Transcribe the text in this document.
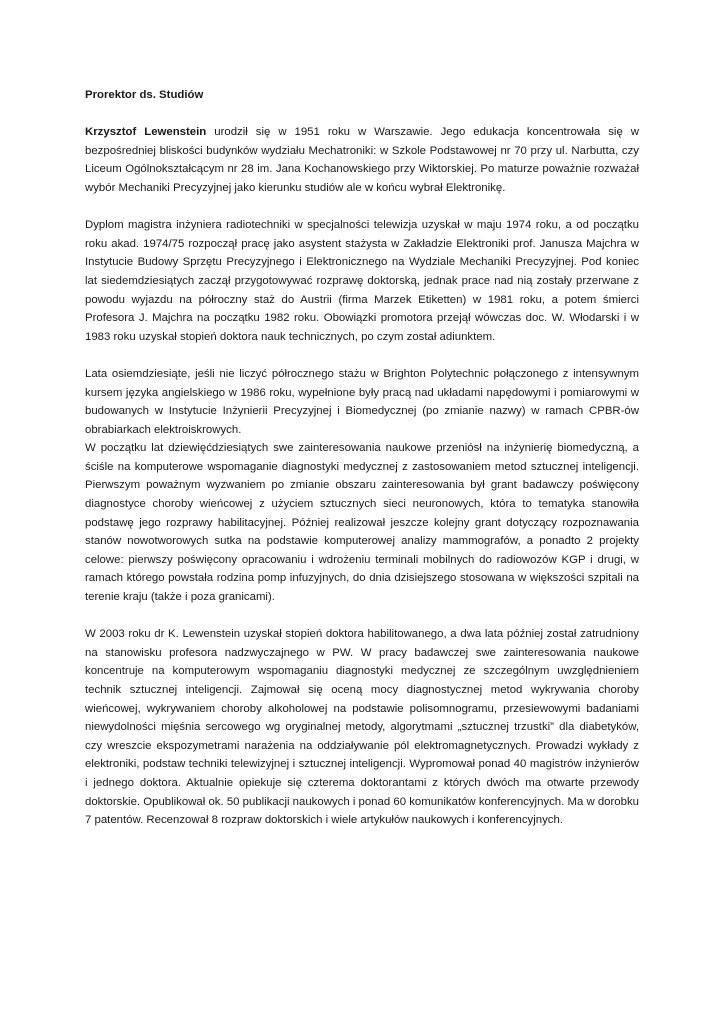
Prorektor ds. Studiów

Krzysztof Lewenstein urodził się w 1951 roku w Warszawie. Jego edukacja koncentrowała się w bezpośredniej bliskości budynków wydziału Mechatroniki: w Szkole Podstawowej nr 70 przy ul. Narbutta, czy Liceum Ogólnokształcącym nr 28 im. Jana Kochanowskiego przy Wiktorskiej. Po maturze poważnie rozważał wybór Mechaniki Precyzyjnej jako kierunku studiów ale w końcu wybrał Elektronikę.

Dyplom magistra inżyniera radiotechniki w specjalności telewizja uzyskał w maju 1974 roku, a od początku roku akad. 1974/75 rozpoczął pracę jako asystent stażysta w Zakładzie Elektroniki prof. Janusza Majchra w Instytucie Budowy Sprzętu Precyzyjnego i Elektronicznego na Wydziale Mechaniki Precyzyjnej. Pod koniec lat siedemdziesiątych zaczął przygotowywać rozprawę doktorską, jednak prace nad nią zostały przerwane z powodu wyjazdu na półroczny staż do Austrii (firma Marzek Etiketten) w 1981 roku, a potem śmierci Profesora J. Majchra na początku 1982 roku. Obowiązki promotora przejął wówczas doc. W. Włodarski i w 1983 roku uzyskał stopień doktora nauk technicznych, po czym został adiunktem.

Lata osiemdziesiąte, jeśli nie liczyć półrocznego stażu w Brighton Polytechnic połączonego z intensywnym kursem języka angielskiego w 1986 roku, wypełnione były pracą nad układami napędowymi i pomiarowymi w budowanych w Instytucie Inżynierii Precyzyjnej i Biomedycznej (po zmianie nazwy) w ramach CPBR-ów obrabiarkach elektroiskrowych.

W początku lat dziewięćdziesiątych swe zainteresowania naukowe przeniósł na inżynierię biomedyczną, a ściśle na komputerowe wspomaganie diagnostyki medycznej z zastosowaniem metod sztucznej inteligencji. Pierwszym poważnym wyzwaniem po zmianie obszaru zainteresowania był grant badawczy poświęcony diagnostyce choroby wieńcowej z użyciem sztucznych sieci neuronowych, która to tematyka stanowiła podstawę jego rozprawy habilitacyjnej. Później realizował jeszcze kolejny grant dotyczący rozpoznawania stanów nowotworowych sutka na podstawie komputerowej analizy mammografów, a ponadto 2 projekty celowe: pierwszy poświęcony opracowaniu i wdrożeniu terminali mobilnych do radiowozów KGP i drugi, w ramach którego powstała rodzina pomp infuzyjnych, do dnia dzisiejszego stosowana w większości szpitali na terenie kraju (także i poza granicami).

W 2003 roku dr K. Lewenstein uzyskał stopień doktora habilitowanego, a dwa lata później został zatrudniony na stanowisku profesora nadzwyczajnego w PW. W pracy badawczej swe zainteresowania naukowe koncentruje na komputerowym wspomaganiu diagnostyki medycznej ze szczególnym uwzględnieniem technik sztucznej inteligencji. Zajmował się oceną mocy diagnostycznej metod wykrywania choroby wieńcowej, wykrywaniem choroby alkoholowej na podstawie polisomnogramu, przesiewowymi badaniami niewydolności mięśnia sercowego wg oryginalnej metody, algorytmami „sztucznej trzustki” dla diabetyków, czy wreszcie ekspozymetrami narażenia na oddziaływanie pól elektromagnetycznych. Prowadzi wykłady z elektroniki, podstaw techniki telewizyjnej i sztucznej inteligencji. Wypromował ponad 40 magistrów inżynierów i jednego doktora. Aktualnie opiekuje się czterema doktorantami z których dwóch ma otwarte przewody doktorskie. Opublikował ok. 50 publikacji naukowych i ponad 60 komunikatów konferencyjnych. Ma w dorobku 7 patentów. Recenzował 8 rozpraw doktorskich i wiele artykułów naukowych i konferencyjnych.
